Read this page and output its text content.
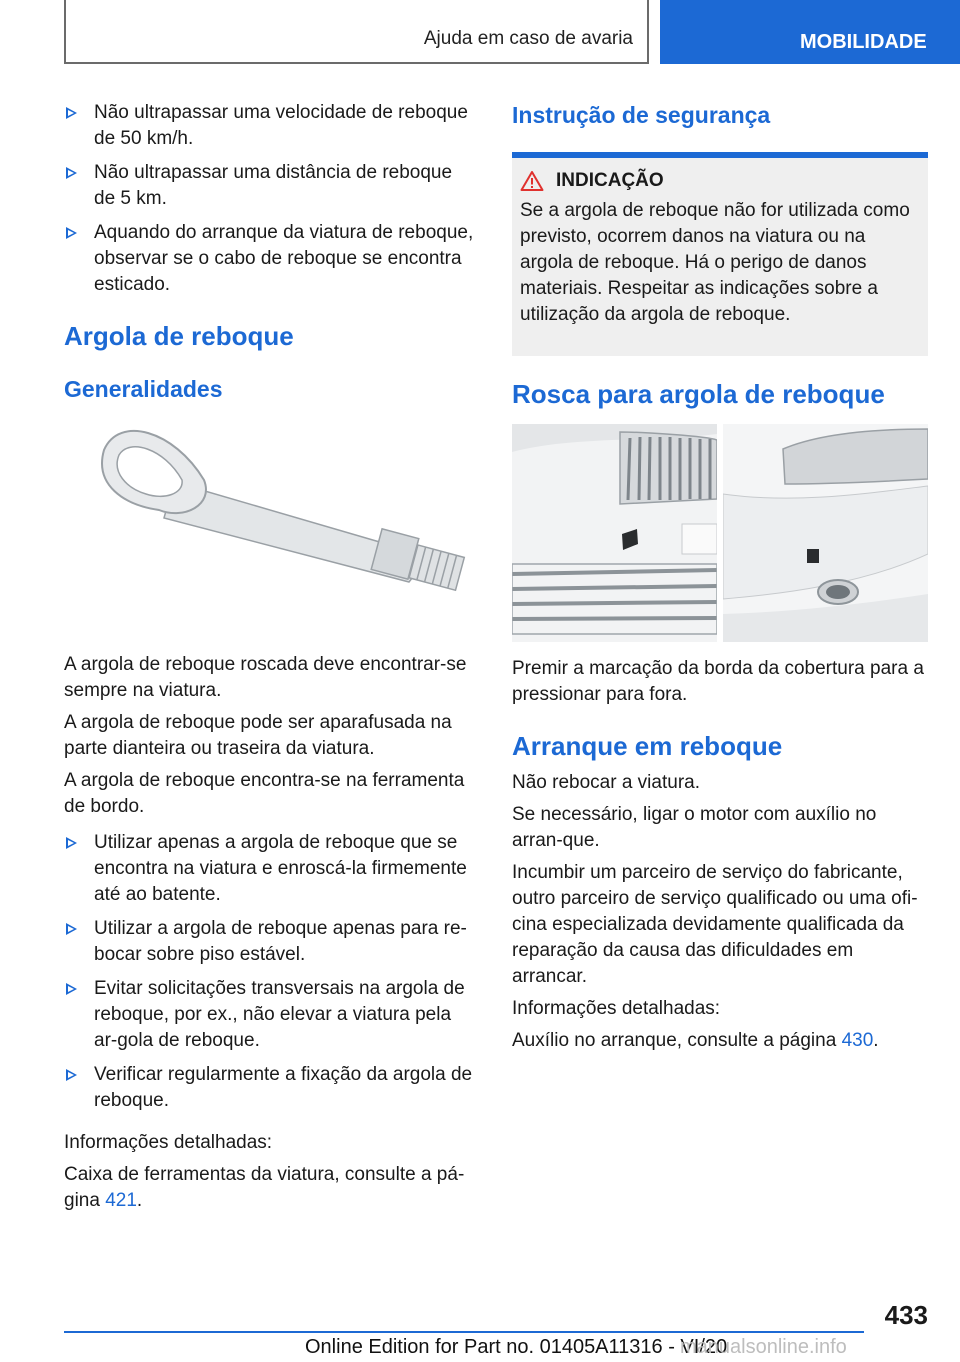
Ajuda em caso de avaria	MOBILIDADE
Não ultrapassar uma velocidade de reboque de 50 km/h.
Não ultrapassar uma distância de reboque de 5 km.
Aquando do arranque da viatura de reboque, observar se o cabo de reboque se encontra esticado.
Argola de reboque
Generalidades

A argola de reboque roscada deve encontrar-se sempre na viatura.

A argola de reboque pode ser aparafusada na parte dianteira ou traseira da viatura.

A argola de reboque encontra-se na ferramenta de bordo.

Utilizar apenas a argola de reboque que se encontra na viatura e enroscá-la firmemente até ao batente.
Utilizar a argola de reboque apenas para re‐bocar sobre piso estável.
Evitar solicitações transversais na argola de reboque, por ex., não elevar a viatura pela ar‐gola de reboque.
Verificar regularmente a fixação da argola de reboque.

Informações detalhadas:

Caixa de ferramentas da viatura, consulte a pá‐gina 421.

Instrução de segurança
INDICAÇÃO

Se a argola de reboque não for utilizada como previsto, ocorrem danos na viatura ou na argola de reboque. Há o perigo de danos materiais. Respeitar as indicações sobre a utilização da argola de reboque.

Rosca para argola de reboque

Premir a marcação da borda da cobertura para a pressionar para fora.

Arranque em reboque

Não rebocar a viatura.

Se necessário, ligar o motor com auxílio no arran‐que.

Incumbir um parceiro de serviço do fabricante, outro parceiro de serviço qualificado ou uma ofi‐cina especializada devidamente qualificada da reparação da causa das dificuldades em arrancar.

Informações detalhadas:

Auxílio no arranque, consulte a página 430.

433
Online Edition for Part no. 01405A11316 - VI/20
manualsonline.info
